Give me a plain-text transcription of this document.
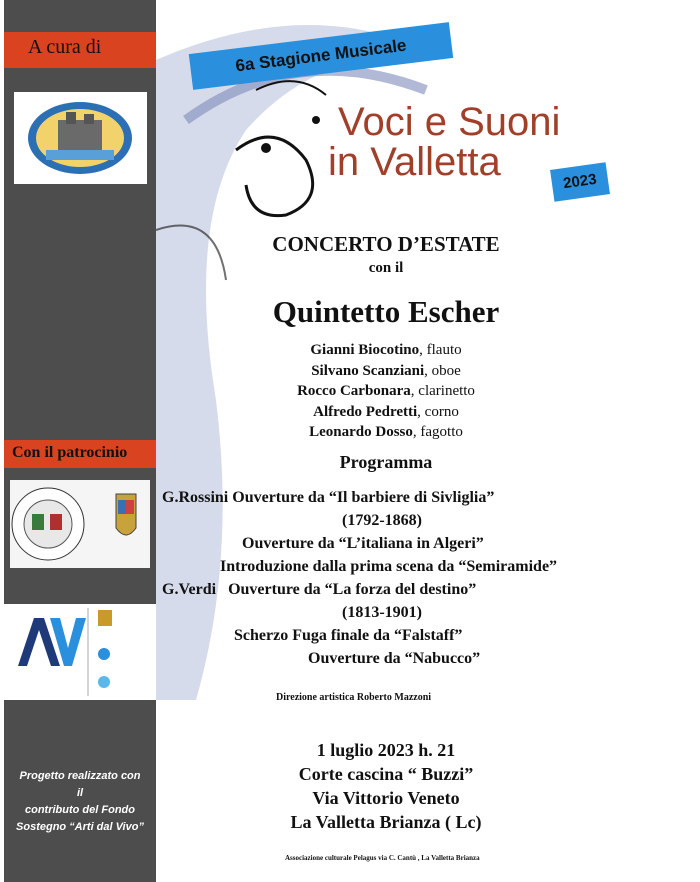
A cura di
Con il patrocinio
Progetto realizzato con
il
contributo del Fondo
Sostegno “Arti dal Vivo”
6a Stagione Musicale
Voci e Suoni
in Valletta	2023
CONCERTO D’ESTATE
con il
Quintetto Escher
Gianni Biocotino, flauto
Silvano Scanziani, oboe
Rocco Carbonara, clarinetto
Alfredo Pedretti, corno
Leonardo Dosso, fagotto
Programma
G.Rossini Ouverture da “Il barbiere di Sivliglia”
(1792-1868)
Ouverture da “L’italiana in Algeri”
Introduzione dalla prima scena da “Semiramide”
G.Verdi   Ouverture da “La forza del destino”
(1813-1901)
Scherzo Fuga finale da “Falstaff”
Ouverture da “Nabucco”
Direzione artistica Roberto Mazzoni
1 luglio 2023 h. 21
Corte cascina “ Buzzi”
Via Vittorio Veneto
La Valletta Brianza ( Lc)
Associazione culturale Pelagus via C. Cantù , La Valletta Brianza
